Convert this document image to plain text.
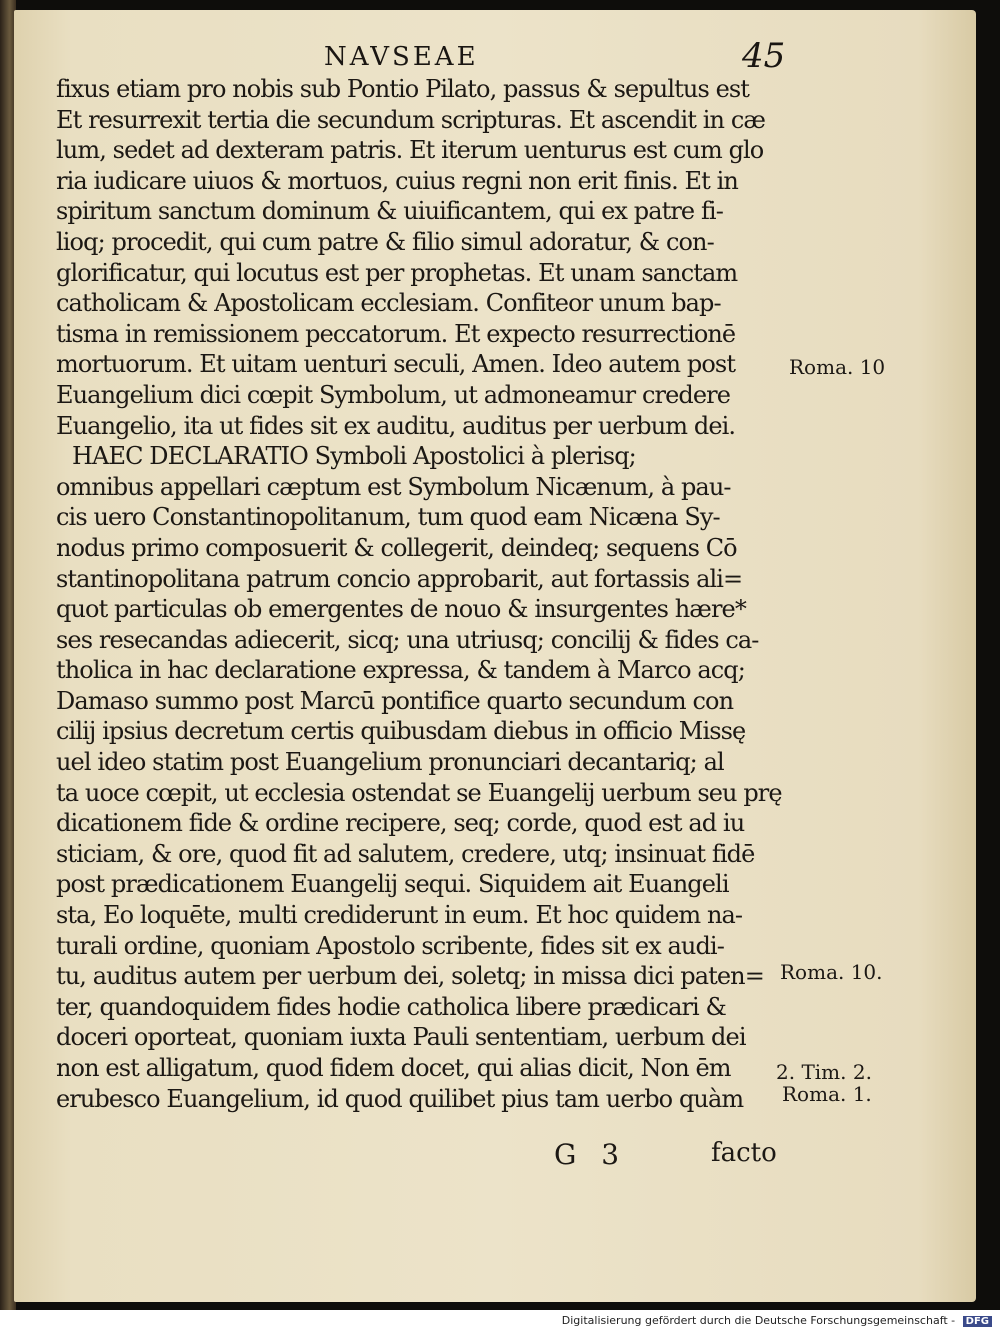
NAVSEAE	45
fixus etiam pro nobis sub Pontio Pilato, passus & sepultus est
Et resurrexit tertia die secundum scripturas. Et ascendit in cæ
lum, sedet ad dexteram patris. Et iterum uenturus est cum glo
ria iudicare uiuos & mortuos, cuius regni non erit finis. Et in
spiritum sanctum dominum & uiuificantem, qui ex patre fi-
lioq; procedit, qui cum patre & filio simul adoratur, & con-
glorificatur, qui locutus est per prophetas. Et unam sanctam
catholicam & Apostolicam ecclesiam. Confiteor unum bap-
tisma in remissionem peccatorum. Et expecto resurrectionē
mortuorum. Et uitam uenturi seculi, Amen. Ideo autem post
Euangelium dici cœpit Symbolum, ut admoneamur credere
Euangelio, ita ut fides sit ex auditu, auditus per uerbum dei.
HAEC DECLARATIO Symboli Apostolici à plerisq;
omnibus appellari cæptum est Symbolum Nicænum, à pau-
cis uero Constantinopolitanum, tum quod eam Nicæna Sy-
nodus primo composuerit & collegerit, deindeq; sequens Cō
stantinopolitana patrum concio approbarit, aut fortassis ali=
quot particulas ob emergentes de nouo & insurgentes hære*
ses resecandas adiecerit, sicq; una utriusq; concilij & fides ca-
tholica in hac declaratione expressa, & tandem à Marco acq;
Damaso summo post Marcū pontifice quarto secundum con
cilij ipsius decretum certis quibusdam diebus in officio Missę
uel ideo statim post Euangelium pronunciari decantariq; al
ta uoce cœpit, ut ecclesia ostendat se Euangelij uerbum seu prę
dicationem fide & ordine recipere, seq; corde, quod est ad iu
sticiam, & ore, quod fit ad salutem, credere, utq; insinuat fidē
post prædicationem Euangelij sequi. Siquidem ait Euangeli
sta, Eo loquēte, multi crediderunt in eum. Et hoc quidem na-
turali ordine, quoniam Apostolo scribente, fides sit ex audi-
tu, auditus autem per uerbum dei, soletq; in missa dici paten=
ter, quandoquidem fides hodie catholica libere prædicari &
doceri oporteat, quoniam iuxta Pauli sententiam, uerbum dei
non est alligatum, quod fidem docet, qui alias dicit, Non ēm
erubesco Euangelium, id quod quilibet pius tam uerbo quàm
Roma. 10
Roma. 10.
2. Tim. 2.
Roma. 1.
G 3	facto
Digitalisierung gefördert durch die Deutsche Forschungsgemeinschaft - DFG
